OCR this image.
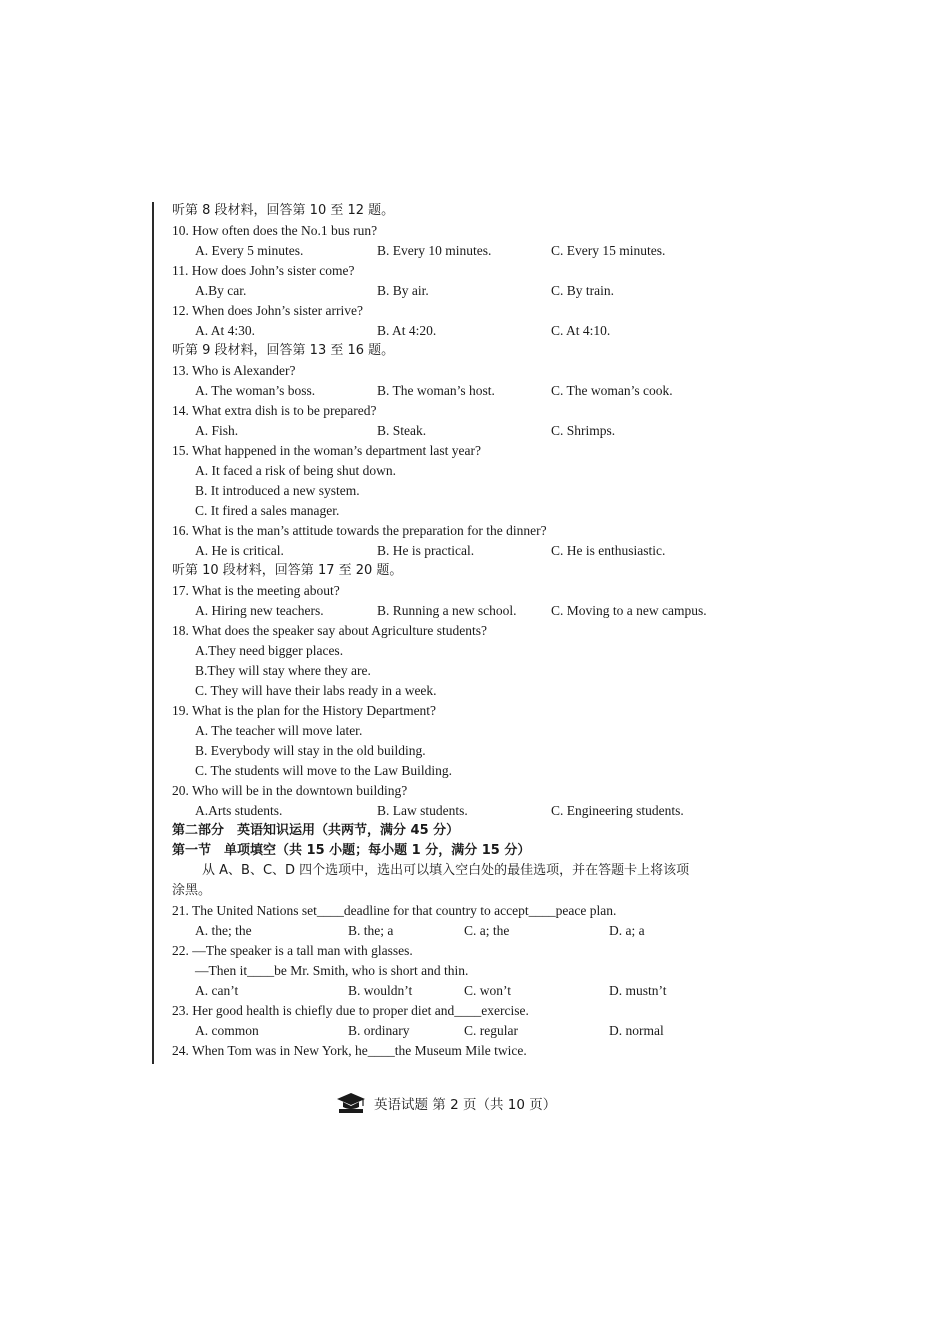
听第 8 段材料，回答第 10 至 12 题。
10. How often does the No.1 bus run?
A. Every 5 minutes.	B. Every 10 minutes.	C. Every 15 minutes.
11. How does John’s sister come?
A.By car.	B. By air.	C. By train.
12. When does John’s sister arrive?
A. At 4:30.	B. At 4:20.	C. At 4:10.
听第 9 段材料，回答第 13 至 16 题。
13. Who is Alexander?
A. The woman’s boss.	B. The woman’s host.	C. The woman’s cook.
14. What extra dish is to be prepared?
A. Fish.	B. Steak.	C. Shrimps.
15. What happened in the woman’s department last year?
A. It faced a risk of being shut down.
B. It introduced a new system.
C. It fired a sales manager.
16. What is the man’s attitude towards the preparation for the dinner?
A. He is critical.	B. He is practical.	C. He is enthusiastic.
听第 10 段材料，回答第 17 至 20 题。
17. What is the meeting about?
A. Hiring new teachers.	B. Running a new school.	C. Moving to a new campus.
18. What does the speaker say about Agriculture students?
A.They need bigger places.
B.They will stay where they are.
C. They will have their labs ready in a week.
19. What is the plan for the History Department?
A. The teacher will move later.
B. Everybody will stay in the old building.
C. The students will move to the Law Building.
20. Who will be in the downtown building?
A.Arts students.	B. Law students.	C. Engineering students.
第二部分　英语知识运用（共两节，满分 45 分）
第一节　单项填空（共 15 小题；每小题 1 分，满分 15 分）
从 A、B、C、D 四个选项中，选出可以填入空白处的最佳选项，并在答题卡上将该项
涂黑。
21. The United Nations set____deadline for that country to accept____peace plan.
A. the; the	B. the; a	C. a; the	D. a; a
22. —The speaker is a tall man with glasses.
—Then it____be Mr. Smith, who is short and thin.
A. can’t	B. wouldn’t	C. won’t	D. mustn’t
23. Her good health is chiefly due to proper diet and____exercise.
A. common	B. ordinary	C. regular	D. normal
24. When Tom was in New York, he____the Museum Mile twice.
英语试题 第 2 页（共 10 页）
